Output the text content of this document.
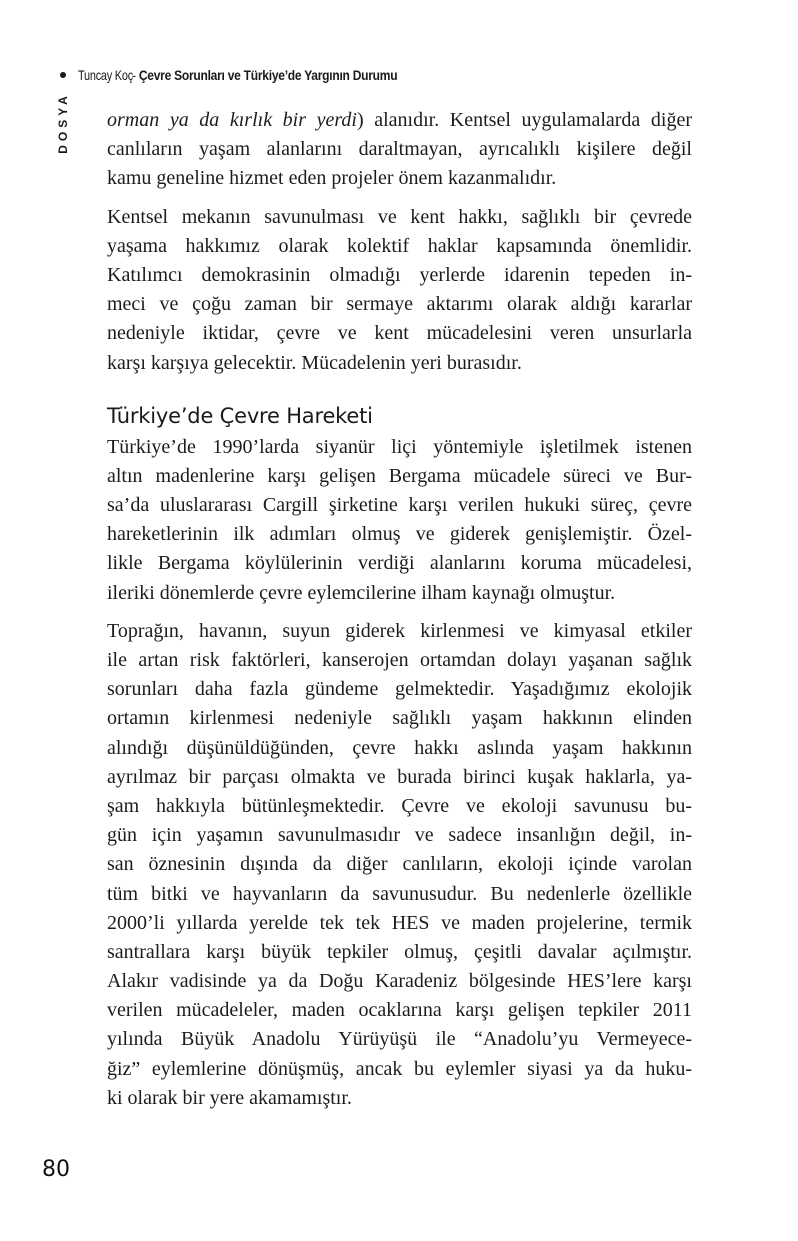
Tuncay Koç - Çevre Sorunları ve Türkiye’de Yargının Durumu
DOSYA orman ya da kırlık bir yerdi) alanıdır. Kentsel uygulamalarda diğer
canlıların yaşam alanlarını daraltmayan, ayrıcalıklı kişilere değil
kamu geneline hizmet eden projeler önem kazanmalıdır.
Kentsel mekanın savunulması ve kent hakkı, sağlıklı bir çevrede
yaşama hakkımız olarak kolektif haklar kapsamında önemlidir.
Katılımcı demokrasinin olmadığı yerlerde idarenin tepeden in-
meci ve çoğu zaman bir sermaye aktarımı olarak aldığı kararlar
nedeniyle iktidar, çevre ve kent mücadelesini veren unsurlarla
karşı karşıya gelecektir. Mücadelenin yeri burasıdır.
Türkiye’de Çevre Hareketi
Türkiye’de 1990’larda siyanür liçi yöntemiyle işletilmek istenen
altın madenlerine karşı gelişen Bergama mücadele süreci ve Bur-
sa’da uluslararası Cargill şirketine karşı verilen hukuki süreç, çevre
hareketlerinin ilk adımları olmuş ve giderek genişlemiştir. Özel-
likle Bergama köylülerinin verdiği alanlarını koruma mücadelesi,
ileriki dönemlerde çevre eylemcilerine ilham kaynağı olmuştur.
Toprağın, havanın, suyun giderek kirlenmesi ve kimyasal etkiler
ile artan risk faktörleri, kanserojen ortamdan dolayı yaşanan sağlık
sorunları daha fazla gündeme gelmektedir. Yaşadığımız ekolojik
ortamın kirlenmesi nedeniyle sağlıklı yaşam hakkının elinden
alındığı düşünüldüğünden, çevre hakkı aslında yaşam hakkının
ayrılmaz bir parçası olmakta ve burada birinci kuşak haklarla, ya-
şam hakkıyla bütünleşmektedir. Çevre ve ekoloji savunusu bu-
gün için yaşamın savunulmasıdır ve sadece insanlığın değil, in-
san öznesinin dışında da diğer canlıların, ekoloji içinde varolan
tüm bitki ve hayvanların da savunusudur. Bu nedenlerle özellikle
2000’li yıllarda yerelde tek tek HES ve maden projelerine, termik
santrallara karşı büyük tepkiler olmuş, çeşitli davalar açılmıştır.
Alakır vadisinde ya da Doğu Karadeniz bölgesinde HES’lere karşı
verilen mücadeleler, maden ocaklarına karşı gelişen tepkiler 2011
yılında Büyük Anadolu Yürüyüşü ile “Anadolu’yu Vermeyece-
ğiz” eylemlerine dönüşmüş, ancak bu eylemler siyasi ya da huku-
ki olarak bir yere akamamıştır.
80
